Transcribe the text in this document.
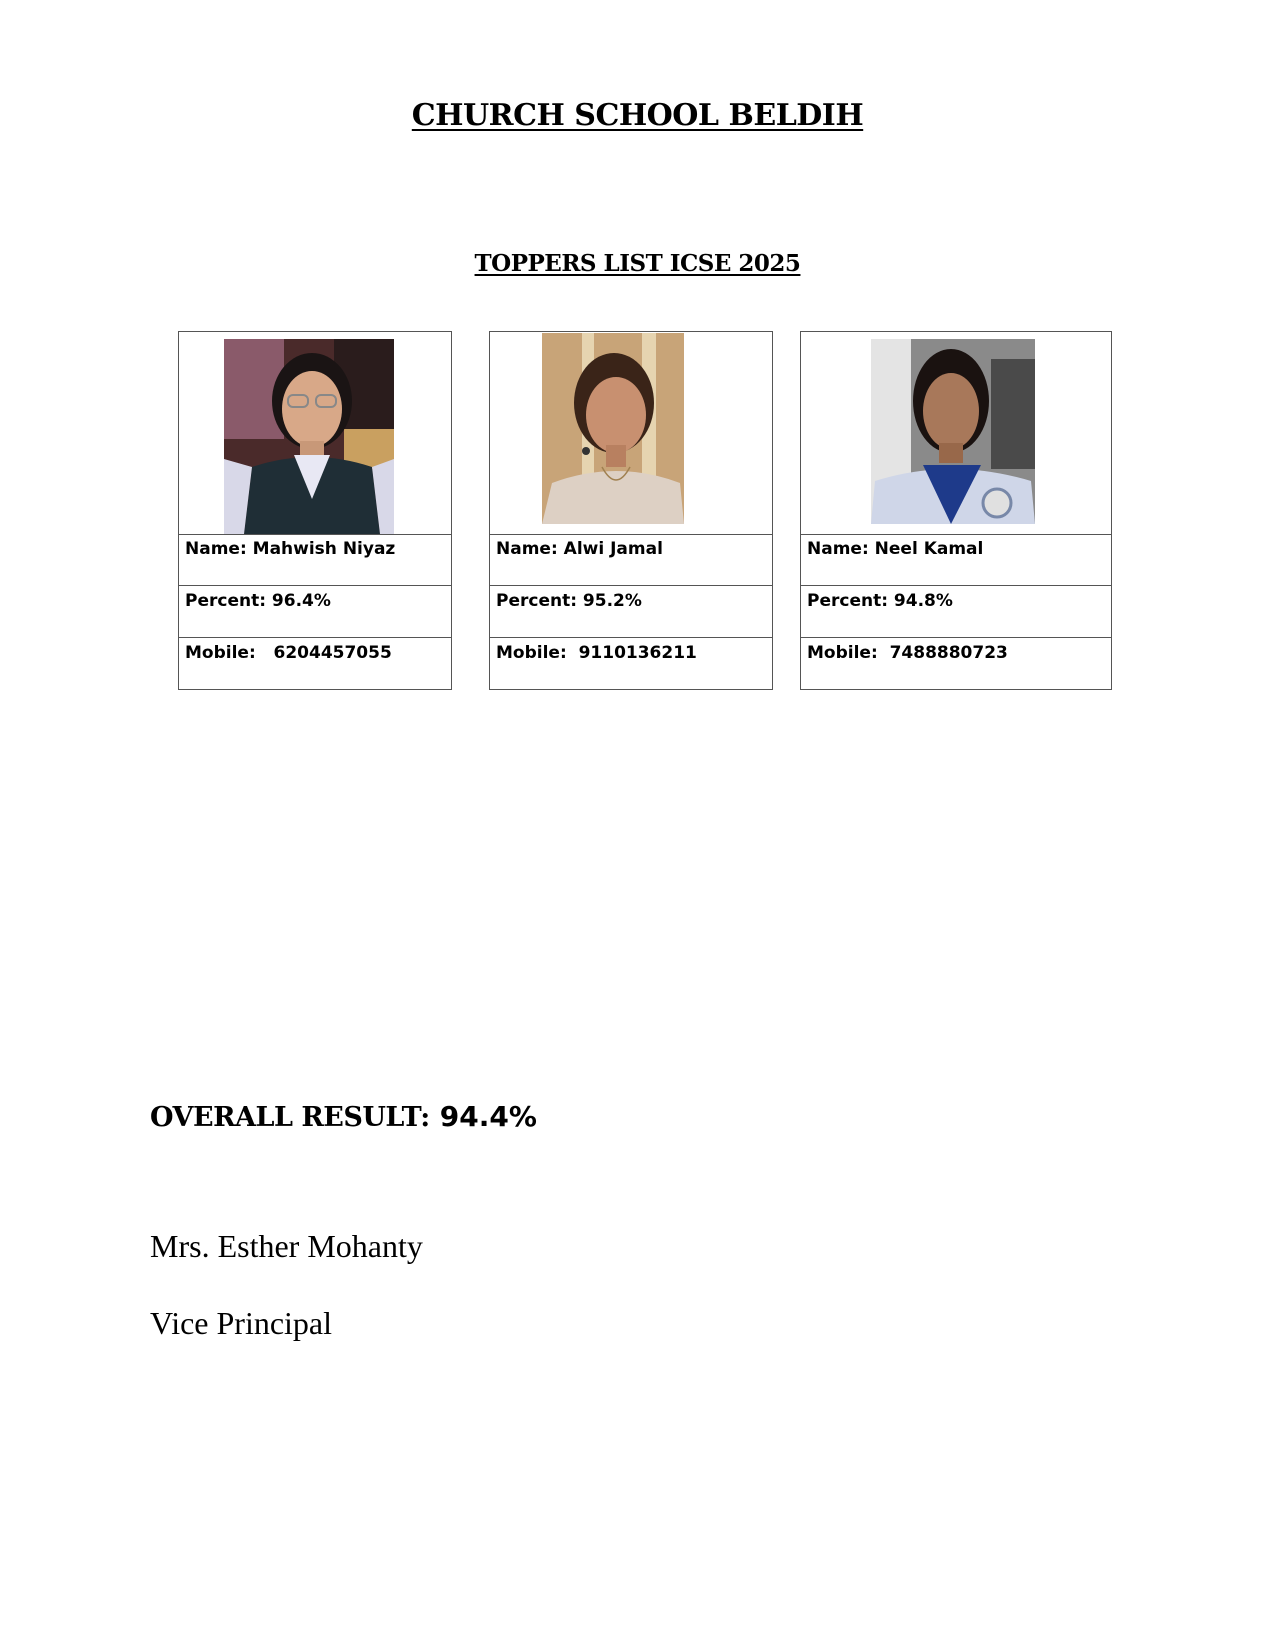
CHURCH SCHOOL BELDIH
TOPPERS LIST ICSE 2025
Name: Mahwish Niyaz
Percent: 96.4%
Mobile:   6204457055
Name: Alwi Jamal
Percent: 95.2%
Mobile:  9110136211
Name: Neel Kamal
Percent: 94.8%
Mobile:  7488880723
OVERALL RESULT: 94.4%
Mrs. Esther Mohanty
Vice Principal
